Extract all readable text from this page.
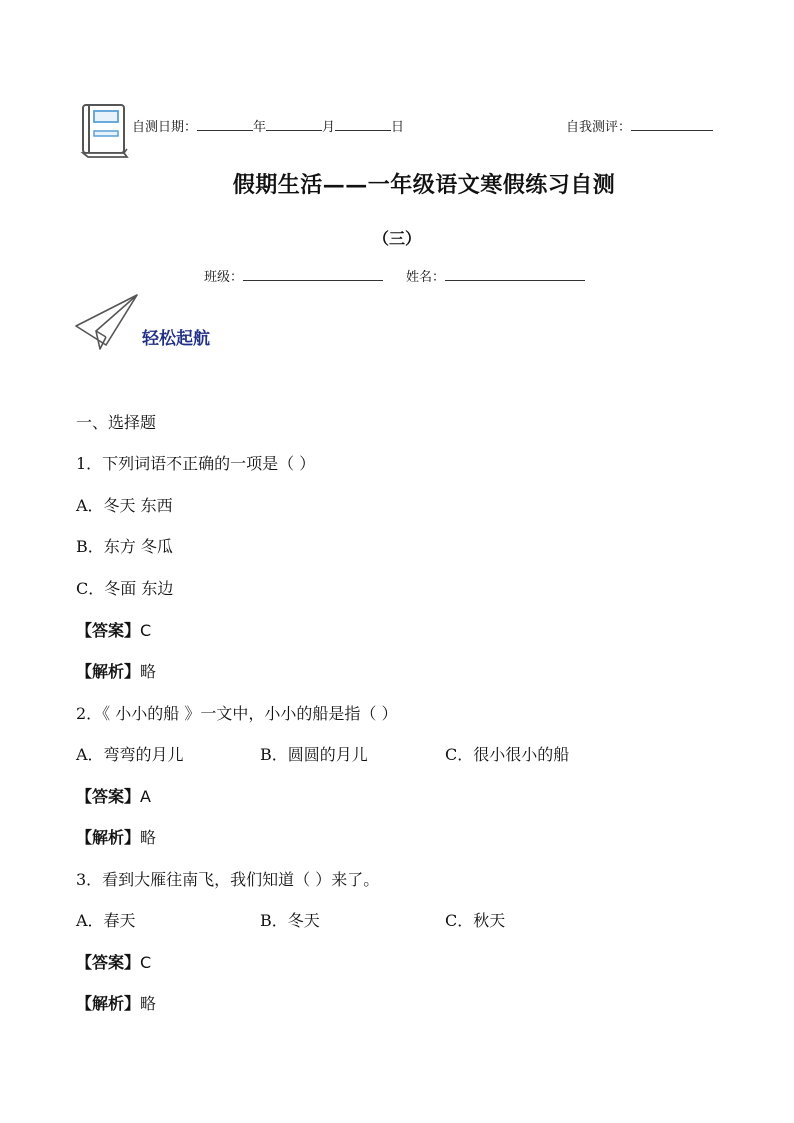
自测日期：	年	月	日	自我测评：
假期生活——一年级语文寒假练习自测
（三）
班级：	姓名：
轻松起航
一、选择题
1．下列词语不正确的一项是（ ）
A．冬天 东西
B．东方 冬瓜
C．冬面 东边
【答案】C
【解析】略
2．《 小小的船 》一文中，小小的船是指（ ）
A．弯弯的月儿	B．圆圆的月儿	C．很小很小的船
【答案】A
【解析】略
3．看到大雁往南飞，我们知道（ ）来了。
A．春天	B．冬天	C．秋天
【答案】C
【解析】略
